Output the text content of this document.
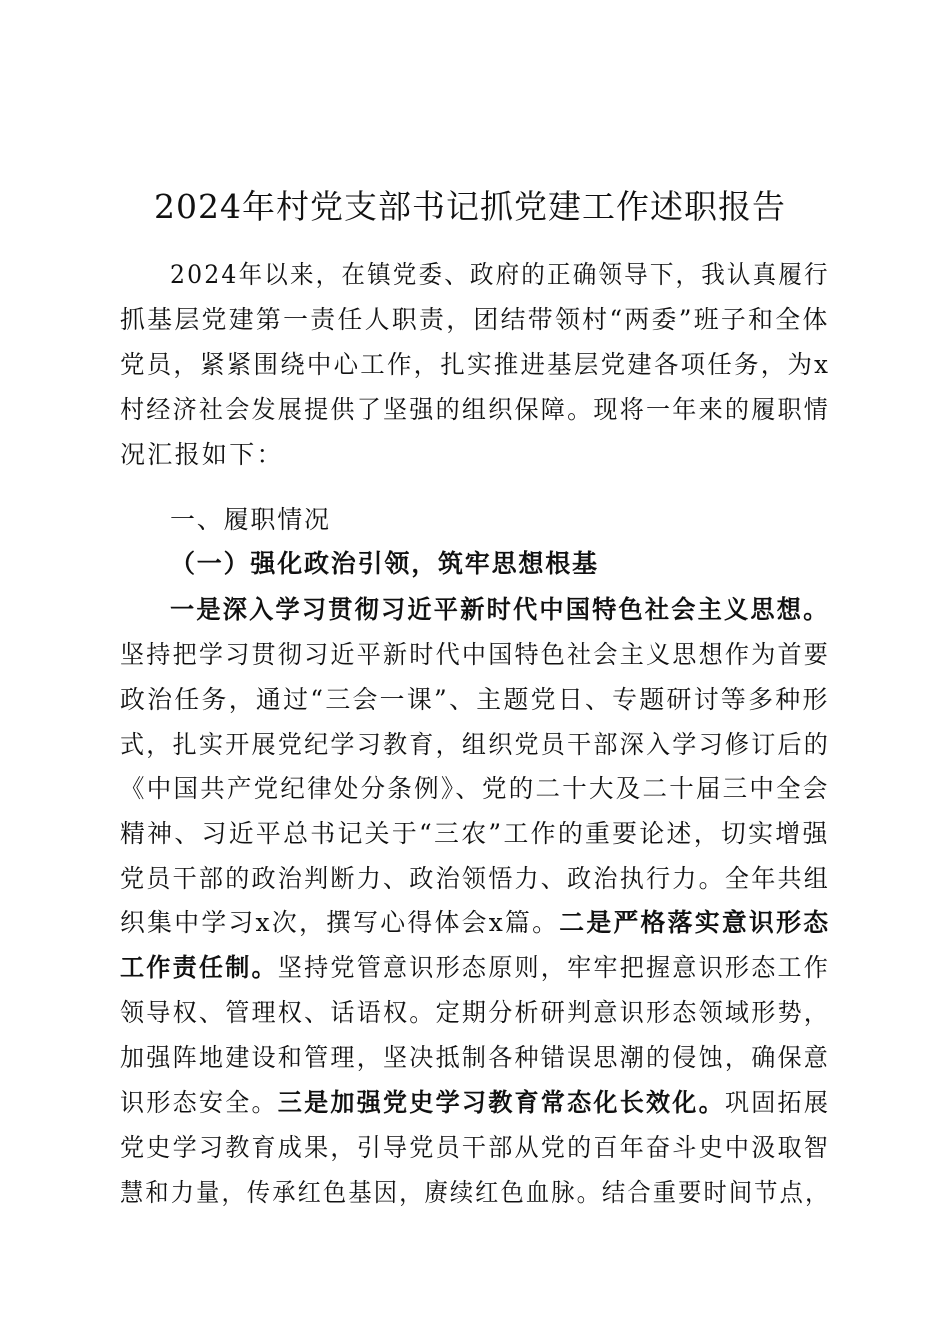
2024年村党支部书记抓党建工作述职报告
2024年以来，在镇党委、政府的正确领导下，我认真履行
抓基层党建第一责任人职责，团结带领村“两委”班子和全体
党员，紧紧围绕中心工作，扎实推进基层党建各项任务，为x
村经济社会发展提供了坚强的组织保障。现将一年来的履职情
况汇报如下：
一、履职情况
（一）强化政治引领，筑牢思想根基
一是深入学习贯彻习近平新时代中国特色社会主义思想。
坚持把学习贯彻习近平新时代中国特色社会主义思想作为首要
政治任务，通过“三会一课”、主题党日、专题研讨等多种形
式，扎实开展党纪学习教育，组织党员干部深入学习修订后的
《中国共产党纪律处分条例》、党的二十大及二十届三中全会
精神、习近平总书记关于“三农”工作的重要论述，切实增强
党员干部的政治判断力、政治领悟力、政治执行力。全年共组
织集中学习x次，撰写心得体会x篇。二是严格落实意识形态
工作责任制。坚持党管意识形态原则，牢牢把握意识形态工作
领导权、管理权、话语权。定期分析研判意识形态领域形势，
加强阵地建设和管理，坚决抵制各种错误思潮的侵蚀，确保意
识形态安全。三是加强党史学习教育常态化长效化。巩固拓展
党史学习教育成果，引导党员干部从党的百年奋斗史中汲取智
慧和力量，传承红色基因，赓续红色血脉。结合重要时间节点，
